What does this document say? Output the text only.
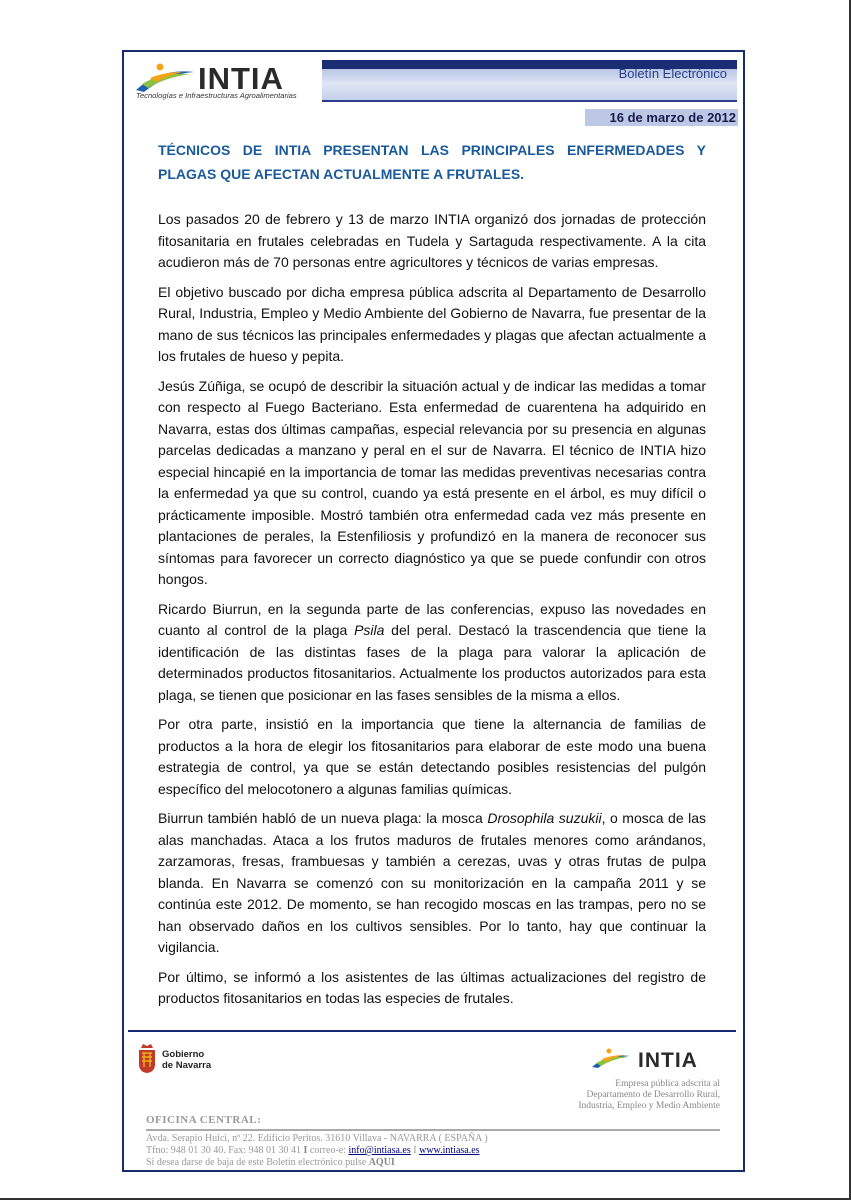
INTIA
Tecnologías e Infraestructuras Agroalimentarias
Boletín Electrónico
16 de marzo de 2012
TÉCNICOS DE INTIA PRESENTAN LAS PRINCIPALES ENFERMEDADES Y PLAGAS QUE AFECTAN ACTUALMENTE A FRUTALES.

Los pasados 20 de febrero y 13 de marzo INTIA organizó dos jornadas de protección fitosanitaria en frutales celebradas en Tudela y Sartaguda respectivamente. A la cita acudieron más de 70 personas entre agricultores y técnicos de varias empresas.

El objetivo buscado por dicha empresa pública adscrita al Departamento de Desarrollo Rural, Industria, Empleo y Medio Ambiente del Gobierno de Navarra, fue presentar de la mano de sus técnicos las principales enfermedades y plagas que afectan actualmente a los frutales de hueso y pepita.

Jesús Zúñiga, se ocupó de describir la situación actual y de indicar las medidas a tomar con respecto al Fuego Bacteriano. Esta enfermedad de cuarentena ha adquirido en Navarra, estas dos últimas campañas, especial relevancia por su presencia en algunas parcelas dedicadas a manzano y peral en el sur de Navarra. El técnico de INTIA hizo especial hincapié en la importancia de tomar las medidas preventivas necesarias contra la enfermedad ya que su control, cuando ya está presente en el árbol, es muy difícil o prácticamente imposible. Mostró también otra enfermedad cada vez más presente en plantaciones de perales, la Estenfiliosis y profundizó en la manera de reconocer sus síntomas para favorecer un correcto diagnóstico ya que se puede confundir con otros hongos.

Ricardo Biurrun, en la segunda parte de las conferencias, expuso las novedades en cuanto al control de la plaga Psila del peral. Destacó la trascendencia que tiene la identificación de las distintas fases de la plaga para valorar la aplicación de determinados productos fitosanitarios. Actualmente los productos autorizados para esta plaga, se tienen que posicionar en las fases sensibles de la misma a ellos.

Por otra parte, insistió en la importancia que tiene la alternancia de familias de productos a la hora de elegir los fitosanitarios para elaborar de este modo una buena estrategia de control, ya que se están detectando posibles resistencias del pulgón específico del melocotonero a algunas familias químicas.

Biurrun también habló de un nueva plaga: la mosca Drosophila suzukii, o mosca de las alas manchadas. Ataca a los frutos maduros de frutales menores como arándanos, zarzamoras, fresas, frambuesas y también a cerezas, uvas y otras frutas de pulpa blanda. En Navarra se comenzó con su monitorización en la campaña 2011 y se continúa este 2012. De momento, se han recogido moscas en las trampas, pero no se han observado daños en los cultivos sensibles. Por lo tanto, hay que continuar la vigilancia.

Por último, se informó a los asistentes de las últimas actualizaciones del registro de productos fitosanitarios en todas las especies de frutales.

Gobierno
de Navarra	INTIA
Empresa pública adscrita al
Departamento de Desarrollo Rural,
Industria, Empleo y Medio Ambiente
OFICINA CENTRAL:
Avda. Serapio Huici, nº 22. Edificio Peritos. 31610 Villava - NAVARRA ( ESPAÑA )
Tfno: 948 01 30 40. Fax: 948 01 30 41 I correo-e: info@intiasa.es I www.intiasa.es
Si desea darse de baja de este Boletín electrónico pulse AQUI
